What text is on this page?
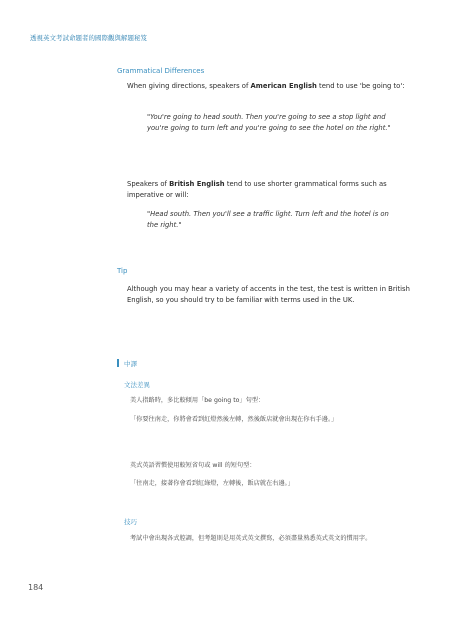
透視英文考試命題者的國際觀與解題秘笈
Grammatical Differences
When giving directions, speakers of American English tend to use 'be going to':
"You're going to head south. Then you're going to see a stop light and you're going to turn left and you're going to see the hotel on the right."
Speakers of British English tend to use shorter grammatical forms such as imperative or will:
"Head south. Then you'll see a traffic light. Turn left and the hotel is on the right."
Tip
Although you may hear a variety of accents in the test, the test is written in British English, so you should try to be familiar with terms used in the UK.
中譯
文法差異
美人指路時，多比較傾用「be going to」句型：
「你要往南走，你將會看到紅燈然後左轉，然後飯店就會出現在你右手邊。」
英式英語習慣使用較短省句或 will 的短句型：
「往南走，接著你會看到紅綠燈，左轉後，飯店就在右邊。」
技巧
考試中會出現各式腔調，但考題則是用英式英文撰寫，必須盡量熟悉英式英文的慣用字。
184
